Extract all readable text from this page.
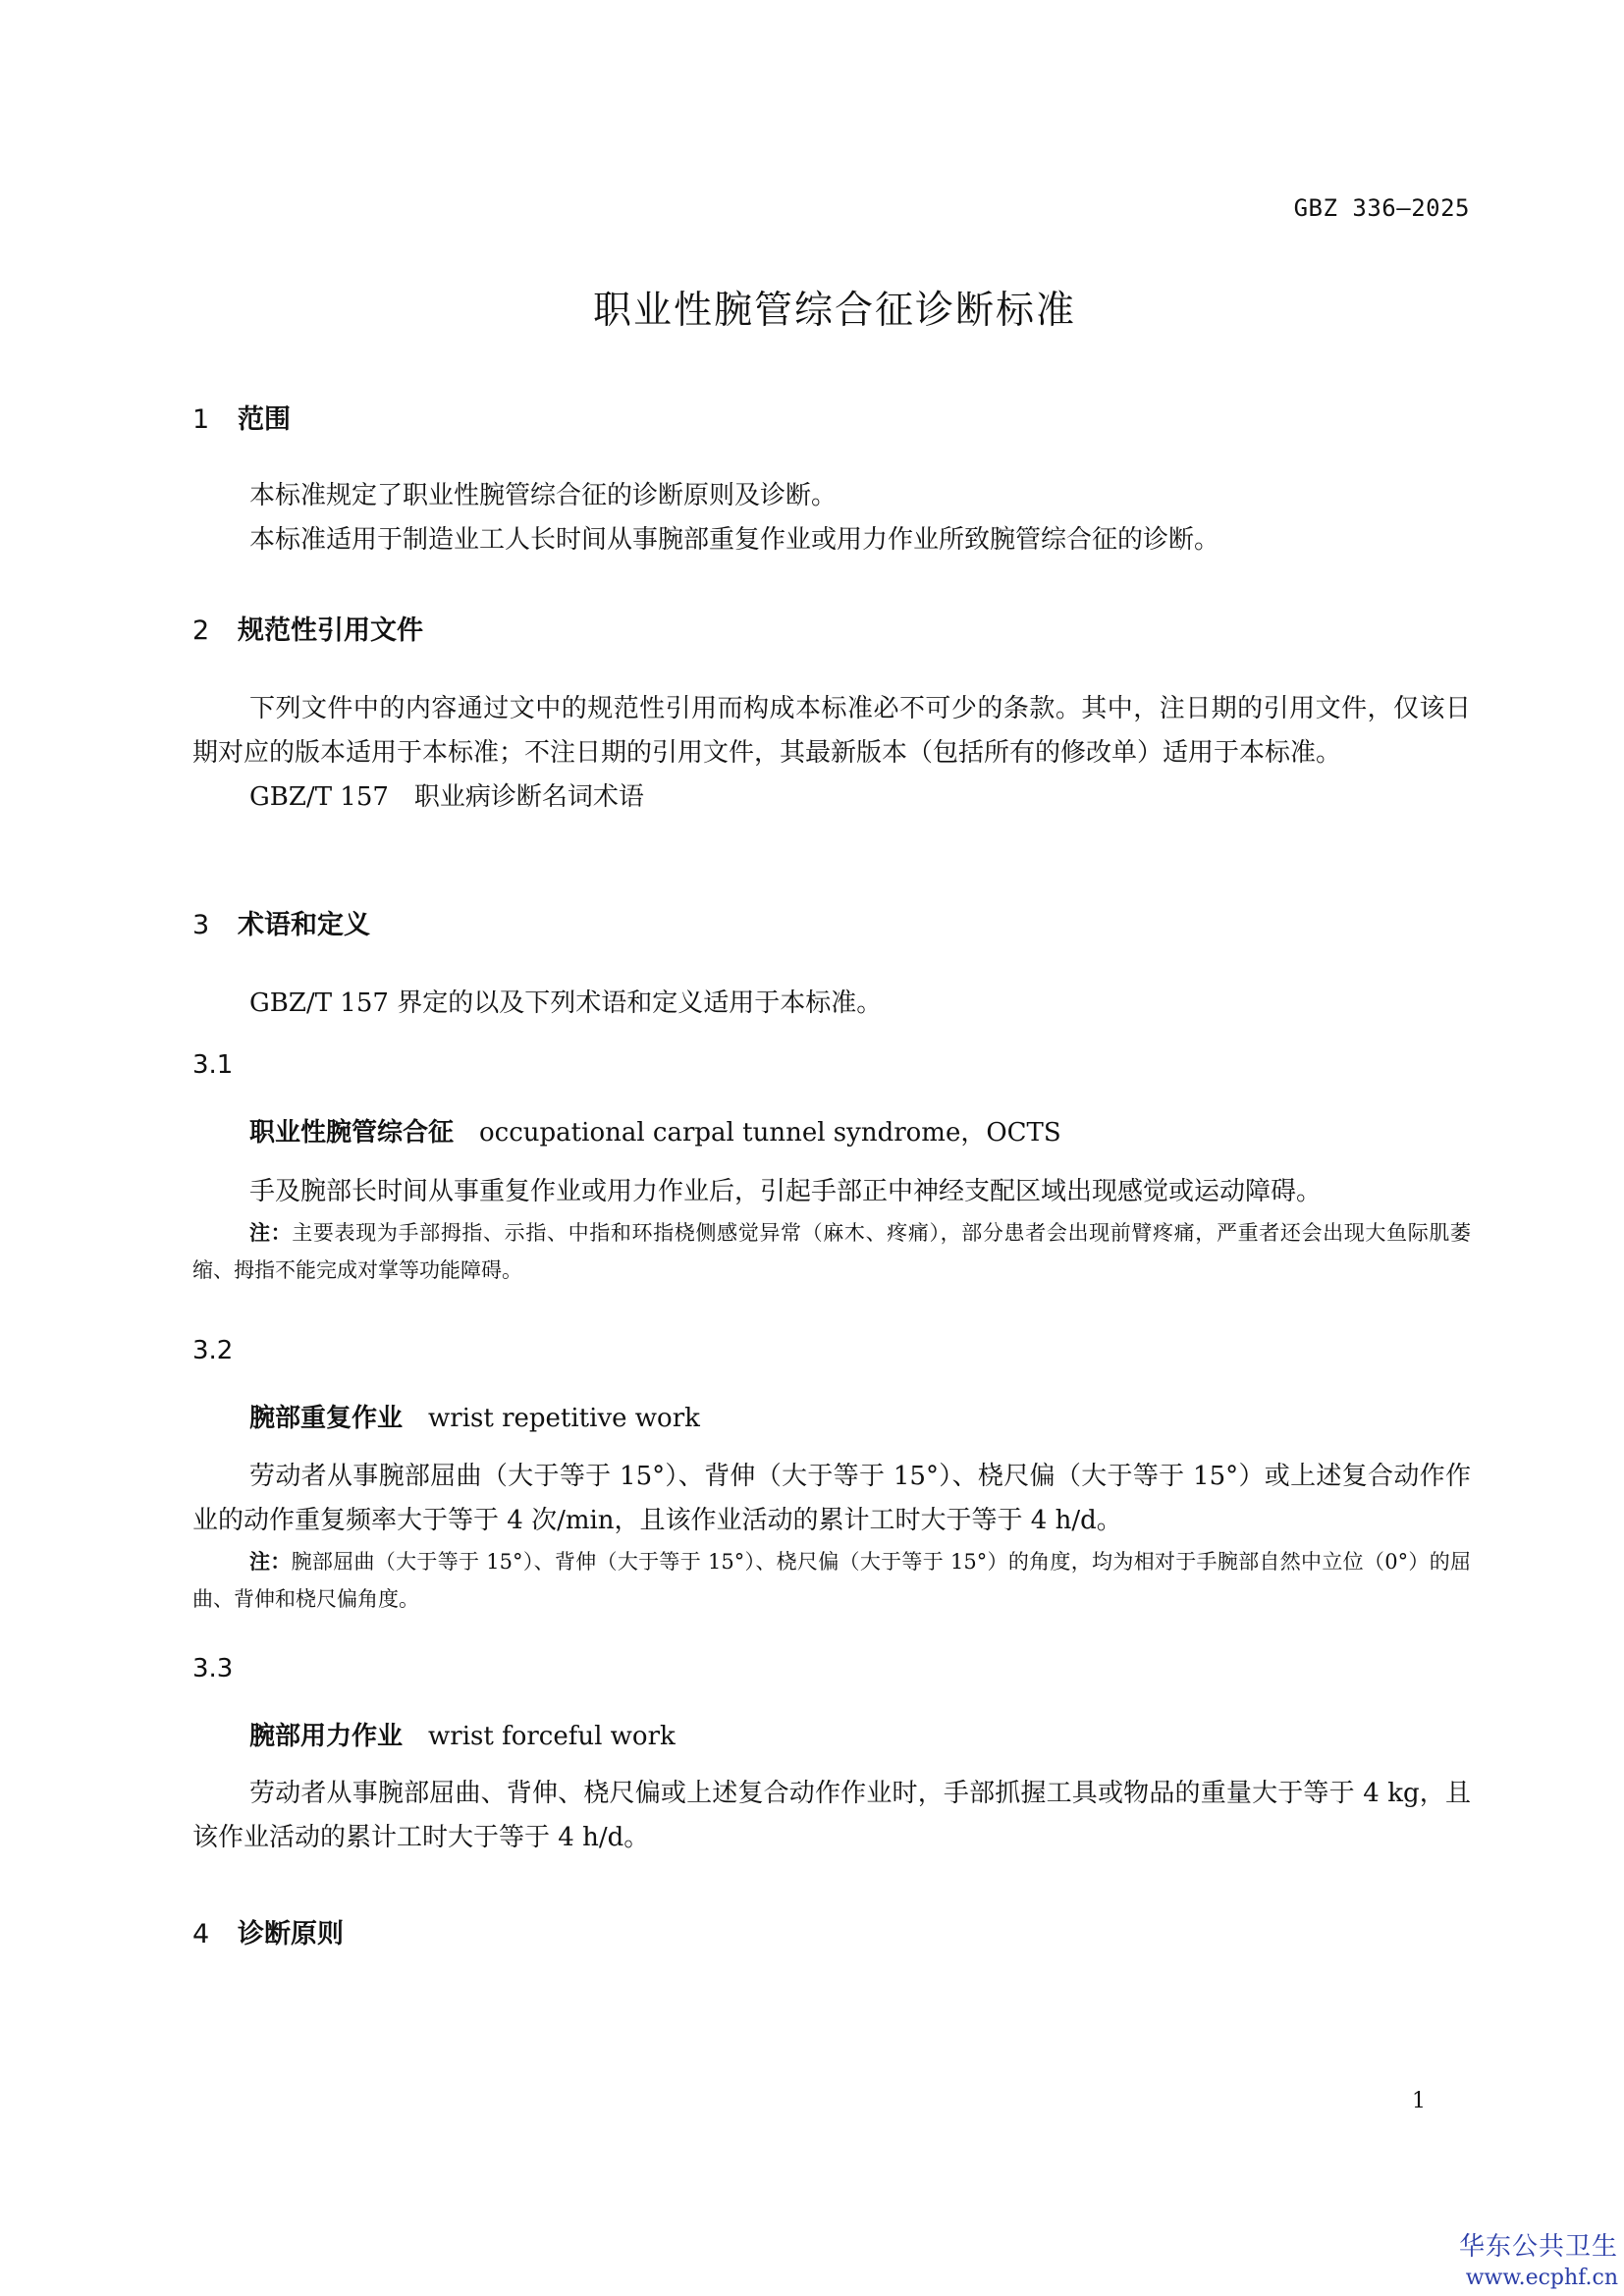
GBZ 336—2025
职业性腕管综合征诊断标准
1 范围
本标准规定了职业性腕管综合征的诊断原则及诊断。
本标准适用于制造业工人长时间从事腕部重复作业或用力作业所致腕管综合征的诊断。
2 规范性引用文件

下列文件中的内容通过文中的规范性引用而构成本标准必不可少的条款。其中，注日期的引用文件，仅该日期对应的版本适用于本标准；不注日期的引用文件，其最新版本（包括所有的修改单）适用于本标准。

GBZ/T 157　职业病诊断名词术语
3 术语和定义
GBZ/T 157 界定的以及下列术语和定义适用于本标准。
3.1
职业性腕管综合征 occupational carpal tunnel syndrome，OCTS
手及腕部长时间从事重复作业或用力作业后，引起手部正中神经支配区域出现感觉或运动障碍。

注：主要表现为手部拇指、示指、中指和环指桡侧感觉异常（麻木、疼痛），部分患者会出现前臂疼痛，严重者还会出现大鱼际肌萎缩、拇指不能完成对掌等功能障碍。

3.2
腕部重复作业 wrist repetitive work

劳动者从事腕部屈曲（大于等于 15°）、背伸（大于等于 15°）、桡尺偏（大于等于 15°）或上述复合动作作业的动作重复频率大于等于 4 次/min，且该作业活动的累计工时大于等于 4 h/d。

注：腕部屈曲（大于等于 15°）、背伸（大于等于 15°）、桡尺偏（大于等于 15°）的角度，均为相对于手腕部自然中立位（0°）的屈曲、背伸和桡尺偏角度。

3.3
腕部用力作业 wrist forceful work

劳动者从事腕部屈曲、背伸、桡尺偏或上述复合动作作业时，手部抓握工具或物品的重量大于等于 4 kg，且该作业活动的累计工时大于等于 4 h/d。

4 诊断原则
1
华东公共卫生
www.ecphf.cn
